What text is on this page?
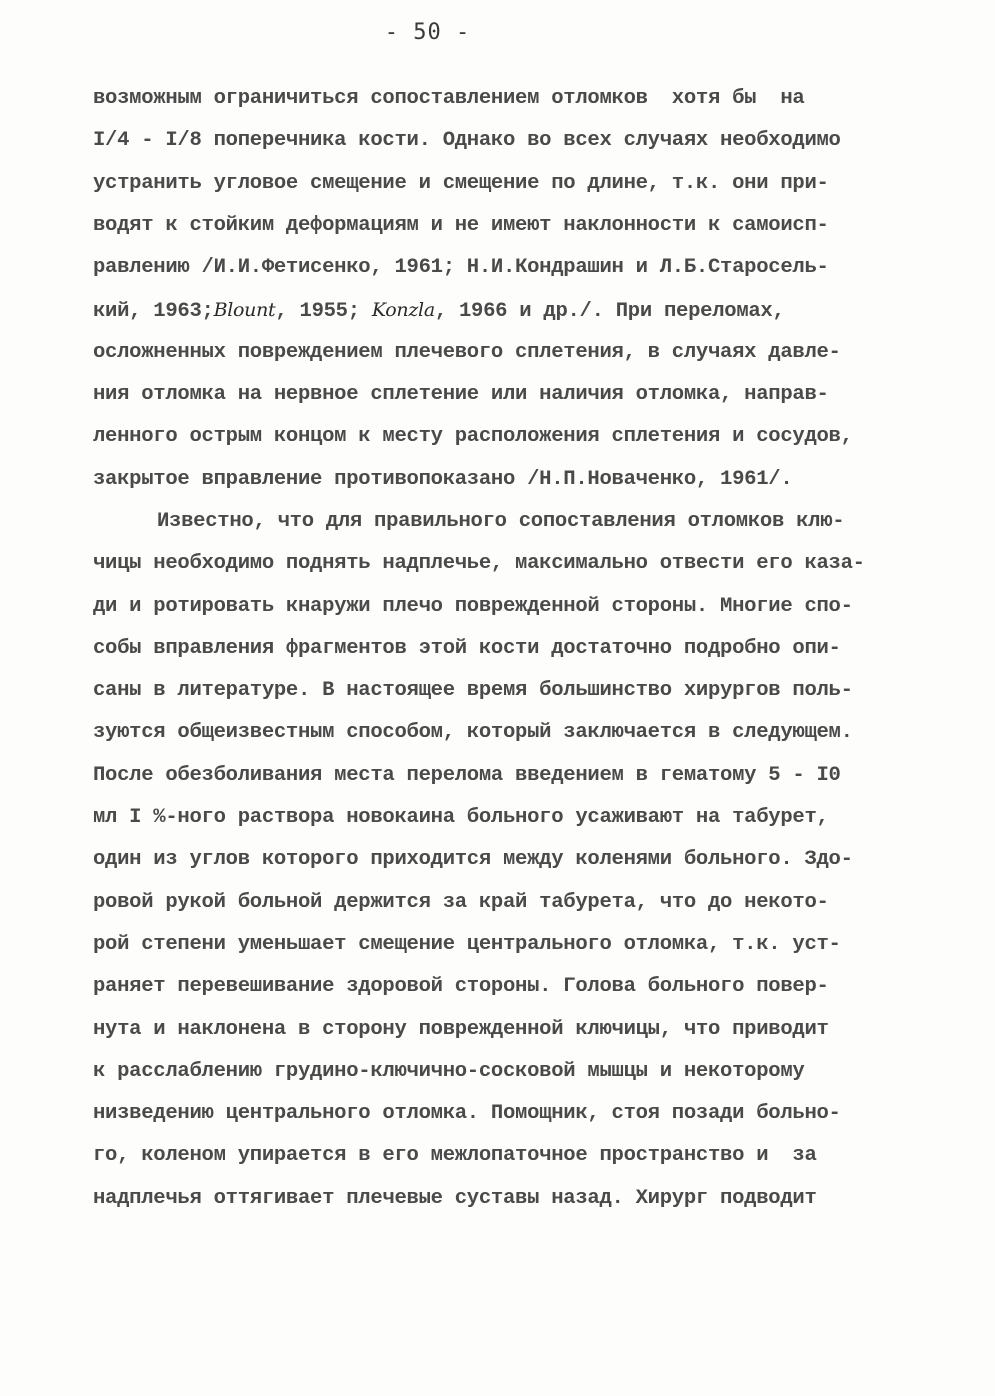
- 50 -
возможным ограничиться сопоставлением отломков  хотя бы  на
I/4 - I/8 поперечника кости. Однако во всех случаях необходимо
устранить угловое смещение и смещение по длине, т.к. они при-
водят к стойким деформациям и не имеют наклонности к самоисп-
равлению /И.И.Фетисенко, 1961; Н.И.Кондрашин и Л.Б.Старосель-
кий, 1963;Blount, 1955; Konzla, 1966 и др./. При переломах,
осложненных повреждением плечевого сплетения, в случаях давле-
ния отломка на нервное сплетение или наличия отломка, направ-
ленного острым концом к месту расположения сплетения и сосудов,
закрытое вправление противопоказано /Н.П.Новаченко, 1961/.
Известно, что для правильного сопоставления отломков клю-
чицы необходимо поднять надплечье, максимально отвести его каза-
ди и ротировать кнаружи плечо поврежденной стороны. Многие спо-
собы вправления фрагментов этой кости достаточно подробно опи-
саны в литературе. В настоящее время большинство хирургов поль-
зуются общеизвестным способом, который заключается в следующем.
После обезболивания места перелома введением в гематому 5 - I0
мл I %-ного раствора новокаина больного усаживают на табурет,
один из углов которого приходится между коленями больного. Здо-
ровой рукой больной держится за край табурета, что до некото-
рой степени уменьшает смещение центрального отломка, т.к. уст-
раняет перевешивание здоровой стороны. Голова больного повер-
нута и наклонена в сторону поврежденной ключицы, что приводит
к расслаблению грудино-ключично-сосковой мышцы и некоторому
низведению центрального отломка. Помощник, стоя позади больно-
го, коленом упирается в его межлопаточное пространство и  за
надплечья оттягивает плечевые суставы назад. Хирург подводит
